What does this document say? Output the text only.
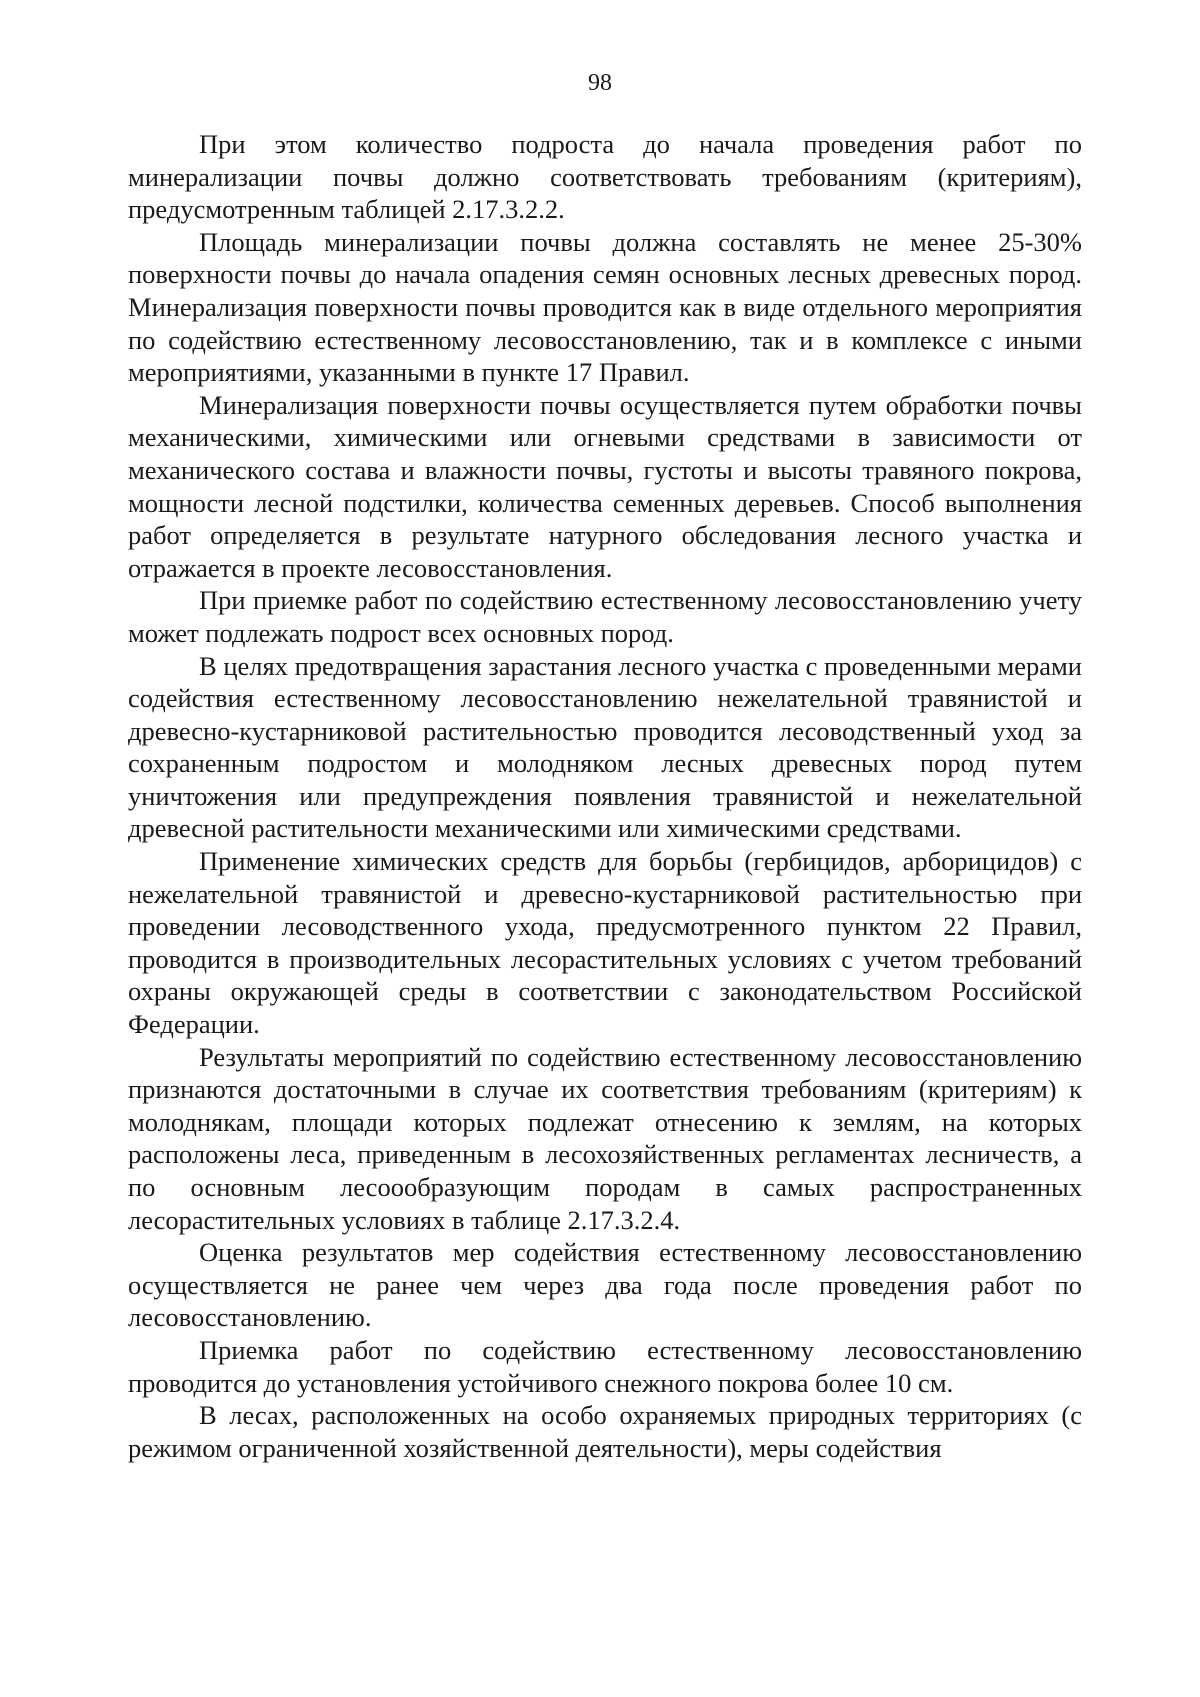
98

При этом количество подроста до начала проведения работ по минерализации почвы должно соответствовать требованиям (критериям), предусмотренным таблицей 2.17.3.2.2.

Площадь минерализации почвы должна составлять не менее 25-30% поверхности почвы до начала опадения семян основных лесных древесных пород. Минерализация поверхности почвы проводится как в виде отдельного мероприятия по содействию естественному лесовосстановлению, так и в комплексе с иными мероприятиями, указанными в пункте 17 Правил.

Минерализация поверхности почвы осуществляется путем обработки почвы механическими, химическими или огневыми средствами в зависимости от механического состава и влажности почвы, густоты и высоты травяного покрова, мощности лесной подстилки, количества семенных деревьев. Способ выполнения работ определяется в результате натурного обследования лесного участка и отражается в проекте лесовосстановления.

При приемке работ по содействию естественному лесовосстановлению учету может подлежать подрост всех основных пород.

В целях предотвращения зарастания лесного участка с проведенными мерами содействия естественному лесовосстановлению нежелательной травянистой и древесно-кустарниковой растительностью проводится лесоводственный уход за сохраненным подростом и молодняком лесных древесных пород путем уничтожения или предупреждения появления травянистой и нежелательной древесной растительности механическими или химическими средствами.

Применение химических средств для борьбы (гербицидов, арборицидов) с нежелательной травянистой и древесно-кустарниковой растительностью при проведении лесоводственного ухода, предусмотренного пунктом 22 Правил, проводится в производительных лесорастительных условиях с учетом требований охраны окружающей среды в соответствии с законодательством Российской Федерации.

Результаты мероприятий по содействию естественному лесовосстановлению признаются достаточными в случае их соответствия требованиям (критериям) к молоднякам, площади которых подлежат отнесению к землям, на которых расположены леса, приведенным в лесохозяйственных регламентах лесничеств, а по основным лесоообразующим породам в самых распространенных лесорастительных условиях в таблице 2.17.3.2.4.

Оценка результатов мер содействия естественному лесовосстановлению осуществляется не ранее чем через два года после проведения работ по лесовосстановлению.

Приемка работ по содействию естественному лесовосстановлению проводится до установления устойчивого снежного покрова более 10 см.

В лесах, расположенных на особо охраняемых природных территориях (с режимом ограниченной хозяйственной деятельности), меры содействия
